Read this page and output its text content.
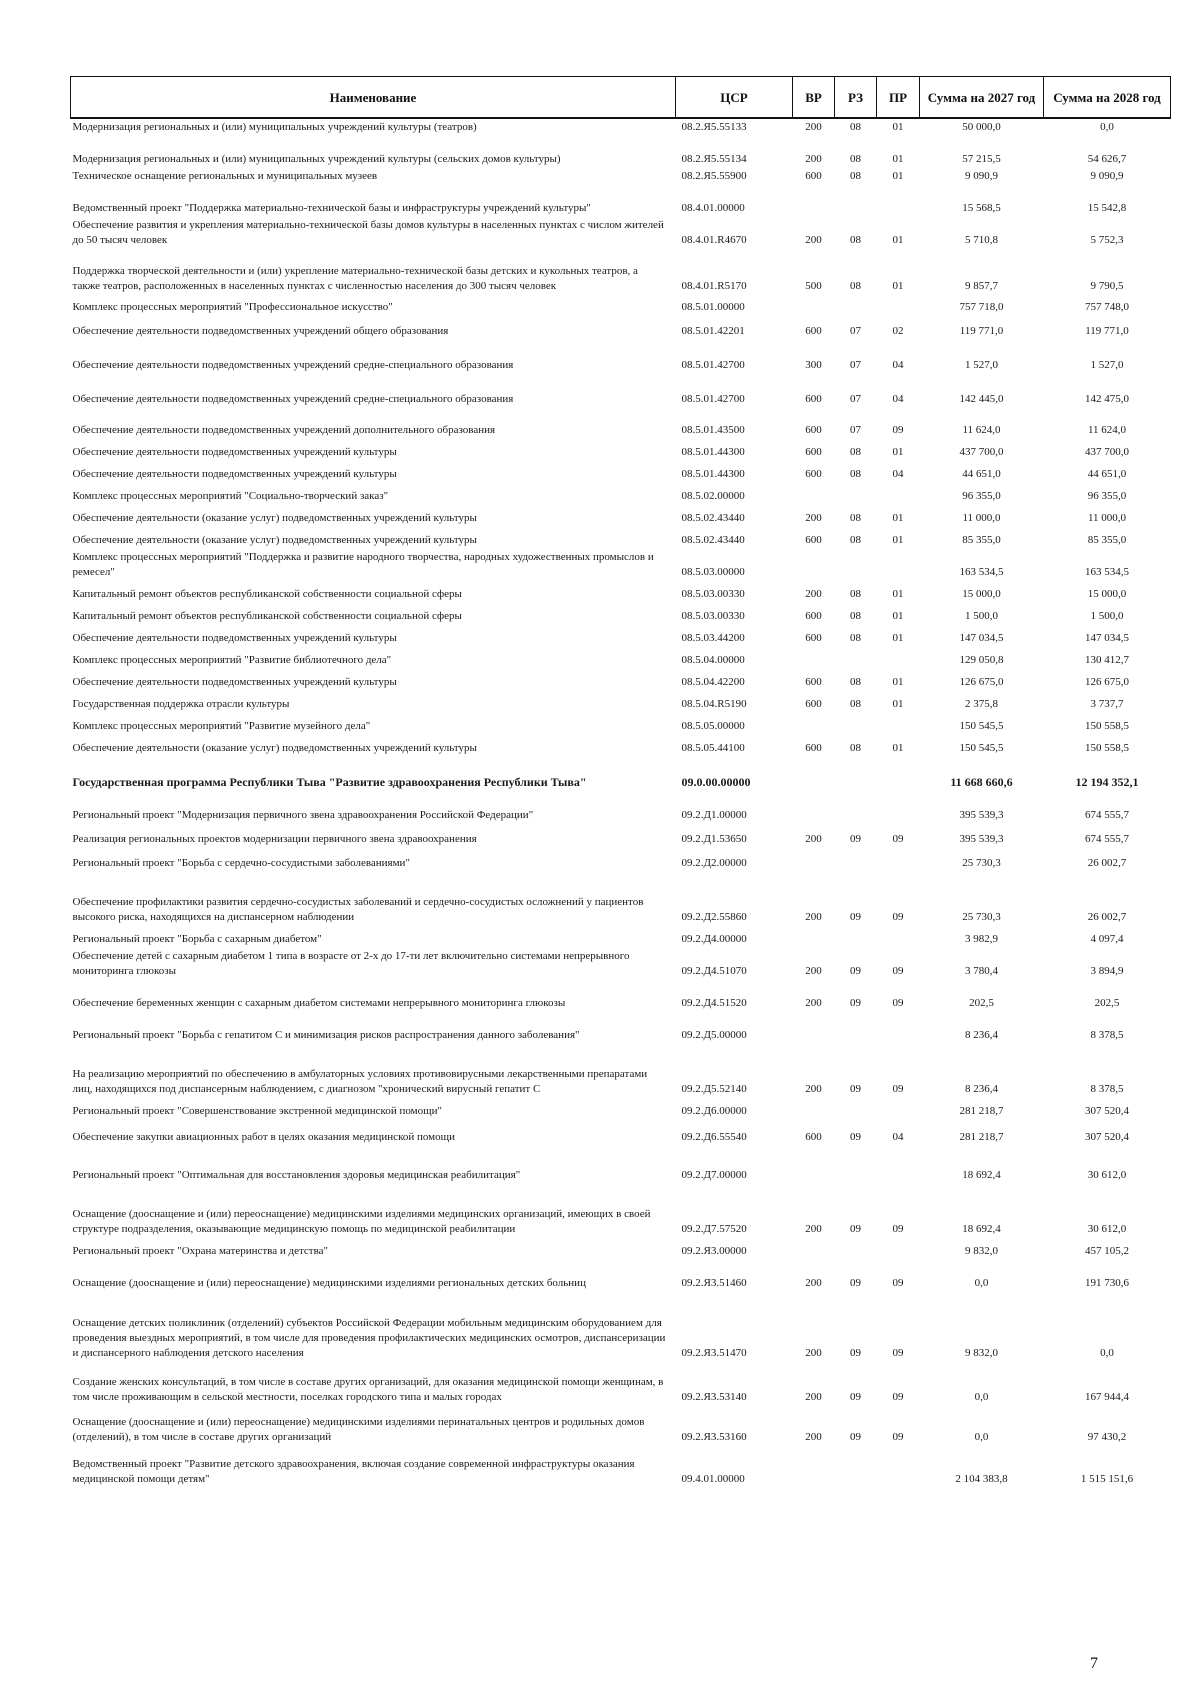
Наименование	ЦСР	ВР	РЗ	ПР	Сумма на 2027 год	Сумма на 2028 год
Модернизация региональных и (или) муниципальных учреждений культуры (театров)	08.2.Я5.55133	200	08	01	50 000,0	0,0
Модернизация региональных и (или) муниципальных учреждений культуры (сельских домов культуры)	08.2.Я5.55134	200	08	01	57 215,5	54 626,7
Техническое оснащение региональных и муниципальных музеев	08.2.Я5.55900	600	08	01	9 090,9	9 090,9
Ведомственный проект "Поддержка материально-технической базы и инфраструктуры учреждений культуры"	08.4.01.00000				15 568,5	15 542,8
Обеспечение развития и укрепления материально-технической базы домов культуры в населенных пунктах с числом жителей до 50 тысяч человек	08.4.01.R4670	200	08	01	5 710,8	5 752,3
Поддержка творческой деятельности и (или) укрепление материально-технической базы детских и кукольных театров, а также театров, расположенных в населенных пунктах с численностью населения до 300 тысяч человек	08.4.01.R5170	500	08	01	9 857,7	9 790,5
Комплекс процессных мероприятий "Профессиональное искусство"	08.5.01.00000				757 718,0	757 748,0
Обеспечение деятельности подведомственных учреждений общего образования	08.5.01.42201	600	07	02	119 771,0	119 771,0
Обеспечение деятельности подведомственных учреждений средне-специального образования	08.5.01.42700	300	07	04	1 527,0	1 527,0
Обеспечение деятельности подведомственных учреждений средне-специального образования	08.5.01.42700	600	07	04	142 445,0	142 475,0
Обеспечение деятельности подведомственных учреждений дополнительного образования	08.5.01.43500	600	07	09	11 624,0	11 624,0
Обеспечение деятельности подведомственных учреждений культуры	08.5.01.44300	600	08	01	437 700,0	437 700,0
Обеспечение деятельности подведомственных учреждений культуры	08.5.01.44300	600	08	04	44 651,0	44 651,0
Комплекс процессных мероприятий "Социально-творческий заказ"	08.5.02.00000				96 355,0	96 355,0
Обеспечение деятельности (оказание услуг) подведомственных учреждений культуры	08.5.02.43440	200	08	01	11 000,0	11 000,0
Обеспечение деятельности (оказание услуг) подведомственных учреждений культуры	08.5.02.43440	600	08	01	85 355,0	85 355,0
Комплекс процессных мероприятий "Поддержка и развитие народного творчества, народных художественных промыслов и ремесел"	08.5.03.00000				163 534,5	163 534,5
Капитальный ремонт объектов республиканской собственности социальной сферы	08.5.03.00330	200	08	01	15 000,0	15 000,0
Капитальный ремонт объектов республиканской собственности социальной сферы	08.5.03.00330	600	08	01	1 500,0	1 500,0
Обеспечение деятельности подведомственных учреждений культуры	08.5.03.44200	600	08	01	147 034,5	147 034,5
Комплекс процессных мероприятий "Развитие библиотечного дела"	08.5.04.00000				129 050,8	130 412,7
Обеспечение деятельности подведомственных учреждений культуры	08.5.04.42200	600	08	01	126 675,0	126 675,0
Государственная поддержка отрасли культуры	08.5.04.R5190	600	08	01	2 375,8	3 737,7
Комплекс процессных мероприятий "Развитие музейного дела"	08.5.05.00000				150 545,5	150 558,5
Обеспечение деятельности (оказание услуг) подведомственных учреждений культуры	08.5.05.44100	600	08	01	150 545,5	150 558,5
Государственная программа Республики Тыва "Развитие здравоохранения Республики Тыва"	09.0.00.00000				11 668 660,6	12 194 352,1
Региональный проект "Модернизация первичного звена здравоохранения Российской Федерации"	09.2.Д1.00000				395 539,3	674 555,7
Реализация региональных проектов модернизации первичного звена здравоохранения	09.2.Д1.53650	200	09	09	395 539,3	674 555,7
Региональный проект "Борьба с сердечно-сосудистыми заболеваниями"	09.2.Д2.00000				25 730,3	26 002,7
Обеспечение профилактики развития сердечно-сосудистых заболеваний и сердечно-сосудистых осложнений у пациентов высокого риска, находящихся на диспансерном наблюдении	09.2.Д2.55860	200	09	09	25 730,3	26 002,7
Региональный проект "Борьба с сахарным диабетом"	09.2.Д4.00000				3 982,9	4 097,4
Обеспечение детей с сахарным диабетом 1 типа в возрасте от 2-х до 17-ти лет включительно системами непрерывного мониторинга глюкозы	09.2.Д4.51070	200	09	09	3 780,4	3 894,9
Обеспечение беременных женщин с сахарным диабетом системами непрерывного мониторинга глюкозы	09.2.Д4.51520	200	09	09	202,5	202,5
Региональный проект "Борьба с гепатитом С и минимизация рисков распространения данного заболевания"	09.2.Д5.00000				8 236,4	8 378,5
На реализацию мероприятий по обеспечению в амбулаторных условиях противовирусными лекарственными препаратами лиц, находящихся под диспансерным наблюдением, с диагнозом "хронический вирусный гепатит С	09.2.Д5.52140	200	09	09	8 236,4	8 378,5
Региональный проект "Совершенствование экстренной медицинской помощи"	09.2.Д6.00000				281 218,7	307 520,4
Обеспечение закупки авиационных работ в целях оказания медицинской помощи	09.2.Д6.55540	600	09	04	281 218,7	307 520,4
Региональный проект "Оптимальная для восстановления здоровья медицинская реабилитация"	09.2.Д7.00000				18 692,4	30 612,0
Оснащение (дооснащение и (или) переоснащение) медицинскими изделиями медицинских организаций, имеющих в своей структуре подразделения, оказывающие медицинскую помощь по медицинской реабилитации	09.2.Д7.57520	200	09	09	18 692,4	30 612,0
Региональный проект "Охрана материнства и детства"	09.2.Я3.00000				9 832,0	457 105,2
Оснащение (дооснащение и (или) переоснащение) медицинскими изделиями региональных детских больниц	09.2.Я3.51460	200	09	09	0,0	191 730,6
Оснащение детских поликлиник (отделений) субъектов Российской Федерации мобильным медицинским оборудованием для проведения выездных мероприятий, в том числе для проведения профилактических медицинских осмотров, диспансеризации и диспансерного наблюдения детского населения	09.2.Я3.51470	200	09	09	9 832,0	0,0
Создание женских консультаций, в том числе в составе других организаций, для оказания медицинской помощи женщинам, в том числе проживающим в сельской местности, поселках городского типа и малых городах	09.2.Я3.53140	200	09	09	0,0	167 944,4
Оснащение (дооснащение и (или) переоснащение) медицинскими изделиями перинатальных центров и родильных домов (отделений), в том числе в составе других организаций	09.2.Я3.53160	200	09	09	0,0	97 430,2
Ведомственный проект "Развитие детского здравоохранения, включая создание современной инфраструктуры оказания медицинской помощи детям"	09.4.01.00000				2 104 383,8	1 515 151,6
7
